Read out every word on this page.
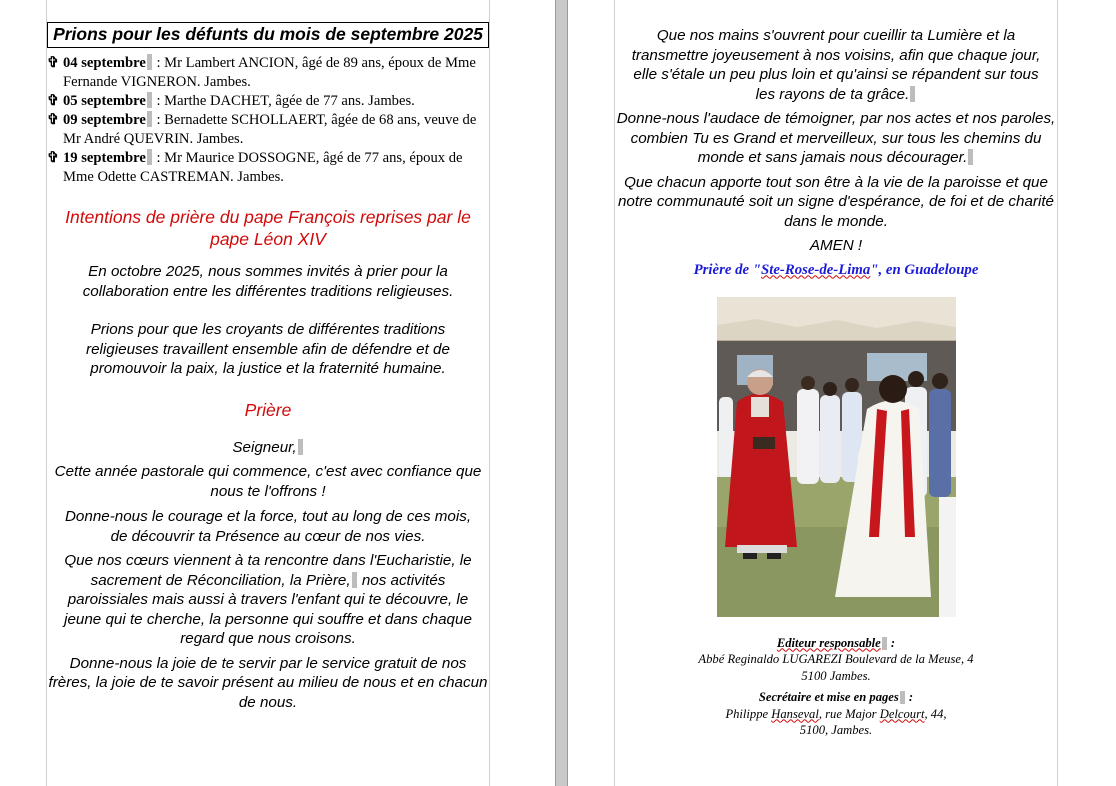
Prions pour les défunts du mois de septembre 2025
✞ 04 septembre : Mr Lambert ANCION, âgé de 89 ans, époux de Mme Fernande VIGNERON. Jambes.
✞ 05 septembre : Marthe DACHET, âgée de 77 ans. Jambes.
✞ 09 septembre : Bernadette SCHOLLAERT, âgée de 68 ans, veuve de Mr André QUEVRIN. Jambes.
✞ 19 septembre : Mr Maurice DOSSOGNE, âgé de 77 ans, époux de Mme Odette CASTREMAN. Jambes.
Intentions de prière du pape François reprises par le pape Léon XIV
En octobre 2025, nous sommes invités à prier pour la collaboration entre les différentes traditions religieuses.
Prions pour que les croyants de différentes traditions religieuses travaillent ensemble afin de défendre et de promouvoir la paix, la justice et la fraternité humaine.
Prière
Seigneur,
Cette année pastorale qui commence, c'est avec confiance que nous te l'offrons !
Donne-nous le courage et la force, tout au long de ces mois, de découvrir ta Présence au cœur de nos vies.
Que nos cœurs viennent à ta rencontre dans l'Eucharistie, le sacrement de Réconciliation, la Prière, nos activités paroissiales mais aussi à travers l'enfant qui te découvre, le jeune qui te cherche, la personne qui souffre et dans chaque regard que nous croisons.
Donne-nous la joie de te servir par le service gratuit de nos frères, la joie de te savoir présent au milieu de nous et en chacun de nous.
Que nos mains s'ouvrent pour cueillir ta Lumière et la transmettre joyeusement à nos voisins, afin que chaque jour, elle s'étale un peu plus loin et qu'ainsi se répandent sur tous les rayons de ta grâce.
Donne-nous l'audace de témoigner, par nos actes et nos paroles, combien Tu es Grand et merveilleux, sur tous les chemins du monde et sans jamais nous décourager.
Que chacun apporte tout son être à la vie de la paroisse et que notre communauté soit un signe d'espérance, de foi et de charité dans le monde.
AMEN !
Prière de "Ste-Rose-de-Lima", en Guadeloupe
Editeur responsable :
Abbé Reginaldo LUGAREZI Boulevard de la Meuse, 4
5100 Jambes.
Secrétaire et mise en pages :
Philippe Hanseval, rue Major Delcourt, 44,
5100, Jambes.
